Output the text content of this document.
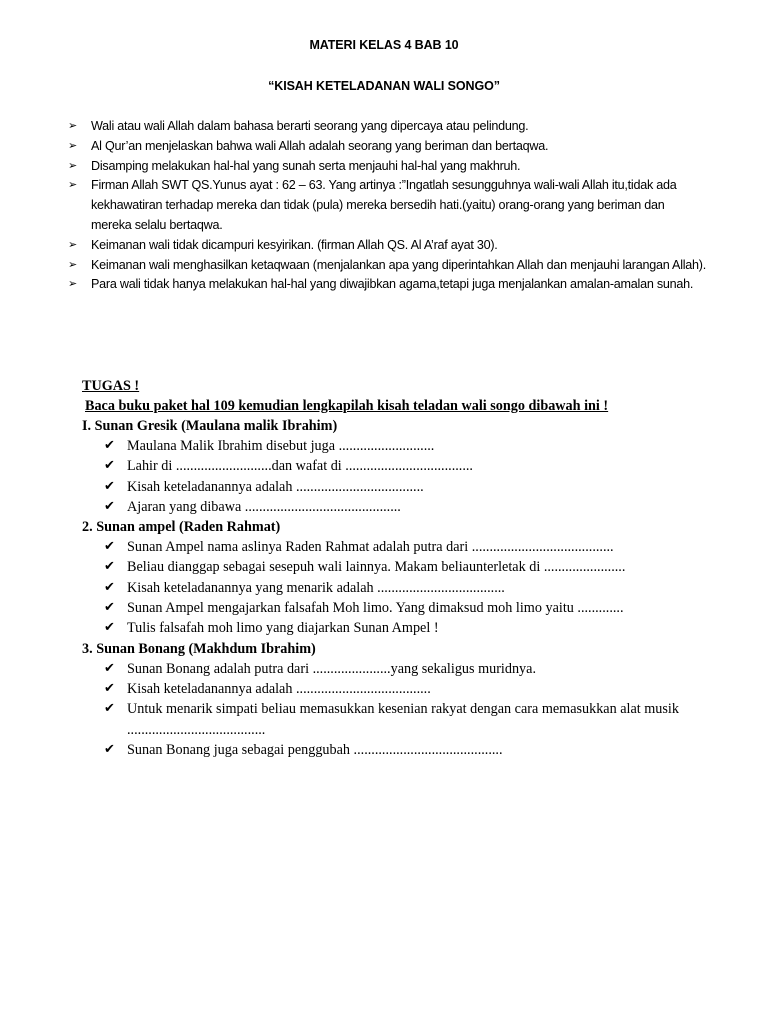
MATERI KELAS 4 BAB 10
“KISAH KETELADANAN WALI SONGO”
➢ Wali atau wali Allah dalam bahasa berarti seorang yang dipercaya atau pelindung.
➢ Al Qur’an menjelaskan bahwa wali Allah adalah seorang yang beriman dan bertaqwa.
➢ Disamping melakukan hal-hal yang sunah serta menjauhi hal-hal yang makhruh.
➢ Firman Allah SWT QS.Yunus ayat : 62 – 63. Yang artinya :”Ingatlah sesungguhnya wali-wali Allah itu,tidak ada kekhawatiran terhadap mereka dan tidak (pula) mereka bersedih hati.(yaitu) orang-orang yang beriman dan mereka selalu bertaqwa.
➢ Keimanan wali tidak dicampuri kesyirikan. (firman Allah QS. Al A’raf ayat 30).
➢ Keimanan wali menghasilkan ketaqwaan (menjalankan apa yang diperintahkan Allah dan menjauhi larangan Allah).
➢ Para wali tidak hanya melakukan hal-hal yang diwajibkan agama,tetapi juga menjalankan amalan-amalan sunah.
TUGAS !
Baca buku paket hal 109 kemudian lengkapilah kisah teladan wali songo dibawah ini !
I. Sunan Gresik (Maulana malik Ibrahim)
✔ Maulana Malik Ibrahim disebut juga ...........................
✔ Lahir di ...........................dan wafat di ....................................
✔ Kisah keteladanannya adalah ....................................
✔ Ajaran yang dibawa ............................................
2. Sunan ampel (Raden Rahmat)
✔ Sunan Ampel nama aslinya Raden Rahmat adalah putra dari ........................................
✔ Beliau dianggap sebagai sesepuh wali lainnya. Makam beliaunterletak di .......................
✔ Kisah keteladanannya yang menarik adalah ....................................
✔ Sunan Ampel mengajarkan falsafah Moh limo. Yang dimaksud moh limo yaitu .............
✔ Tulis falsafah moh limo yang diajarkan Sunan Ampel !
3. Sunan Bonang (Makhdum Ibrahim)
✔ Sunan Bonang adalah putra dari ......................yang sekaligus muridnya.
✔ Kisah keteladanannya adalah ......................................
✔ Untuk menarik simpati beliau memasukkan kesenian rakyat dengan cara memasukkan alat musik .......................................
✔ Sunan Bonang juga sebagai penggubah ..........................................
